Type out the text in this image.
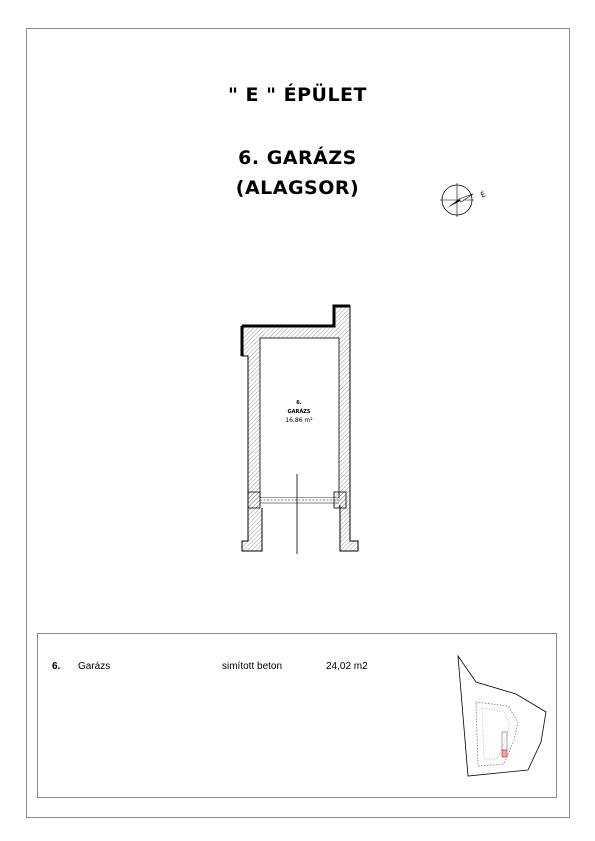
" E " ÉPÜLET
6. GARÁZS
(ALAGSOR)	É
6.
GARÁZS
16,86 m²
6. Garázs	simított beton	24,02 m2
